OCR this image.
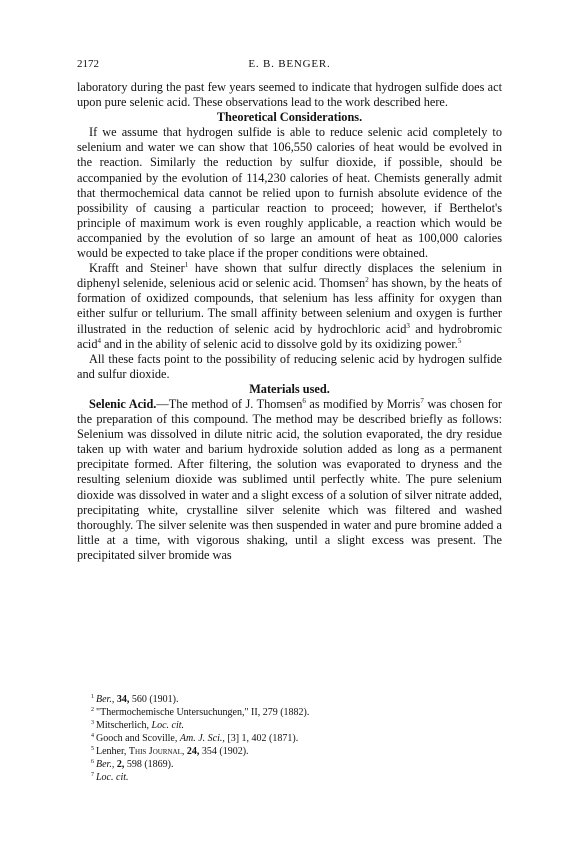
2172	E. B. BENGER.

laboratory during the past few years seemed to indicate that hydrogen sulfide does act upon pure selenic acid. These observations lead to the work described here.

Theoretical Considerations.

If we assume that hydrogen sulfide is able to reduce selenic acid completely to selenium and water we can show that 106,550 calories of heat would be evolved in the reaction. Similarly the reduction by sulfur dioxide, if possible, should be accompanied by the evolution of 114,230 calories of heat. Chemists generally admit that thermochemical data cannot be relied upon to furnish absolute evidence of the possibility of causing a particular reaction to proceed; however, if Berthelot's principle of maximum work is even roughly applicable, a reaction which would be accompanied by the evolution of so large an amount of heat as 100,000 calories would be expected to take place if the proper conditions were obtained.

Krafft and Steiner$^1$ have shown that sulfur directly displaces the selenium in diphenyl selenide, selenious acid or selenic acid. Thomsen$^2$ has shown, by the heats of formation of oxidized compounds, that selenium has less affinity for oxygen than either sulfur or tellurium. The small affinity between selenium and oxygen is further illustrated in the reduction of selenic acid by hydrochloric acid$^3$ and hydrobromic acid$^4$ and in the ability of selenic acid to dissolve gold by its oxidizing power.$^5$

All these facts point to the possibility of reducing selenic acid by hydrogen sulfide and sulfur dioxide.

Materials used.

Selenic Acid.—The method of J. Thomsen$^6$ as modified by Morris$^7$ was chosen for the preparation of this compound. The method may be described briefly as follows: Selenium was dissolved in dilute nitric acid, the solution evaporated, the dry residue taken up with water and barium hydroxide solution added as long as a permanent precipitate formed. After filtering, the solution was evaporated to dryness and the resulting selenium dioxide was sublimed until perfectly white. The pure selenium dioxide was dissolved in water and a slight excess of a solution of silver nitrate added, precipitating white, crystalline silver selenite which was filtered and washed thoroughly. The silver selenite was then suspended in water and pure bromine added a little at a time, with vigorous shaking, until a slight excess was present. The precipitated silver bromide was

$^1$ Ber., 34, 560 (1901).
$^2$ "Thermochemische Untersuchungen," II, 279 (1882).
$^3$ Mitscherlich, Loc. cit.
$^4$ Gooch and Scoville, Am. J. Sci., [3] 1, 402 (1871).
$^5$ Lenher, This Journal, 24, 354 (1902).
$^6$ Ber., 2, 598 (1869).
$^7$ Loc. cit.
